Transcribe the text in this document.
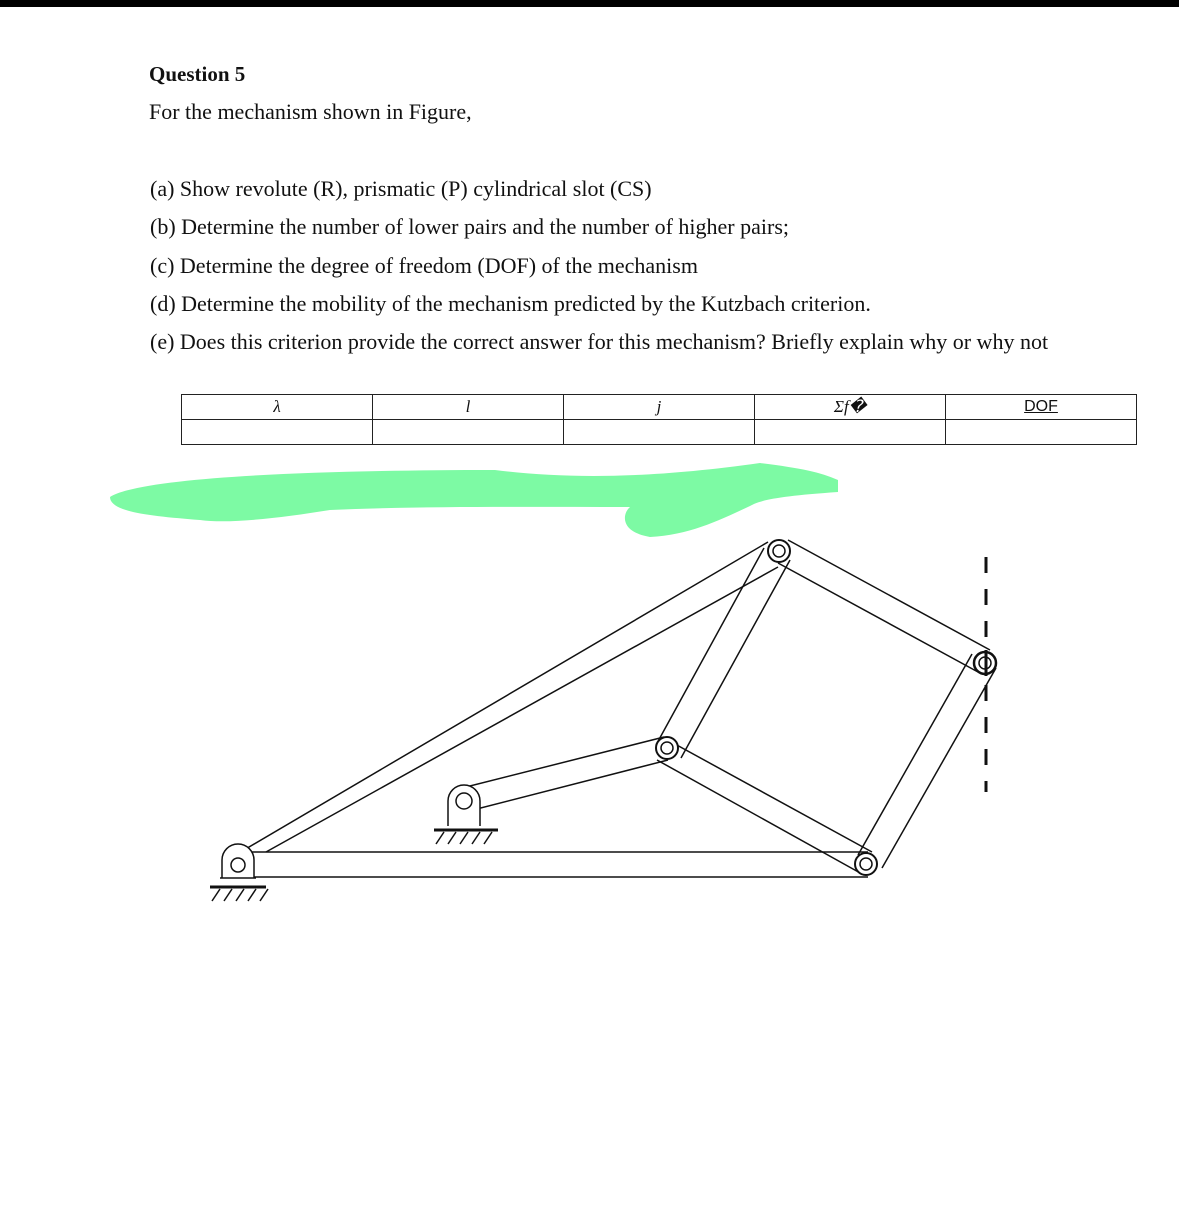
Question 5
For the mechanism shown in Figure,
(a) Show revolute (R), prismatic (P) cylindrical slot (CS)
(b) Determine the number of lower pairs and the number of higher pairs;
(c) Determine the degree of freedom (DOF) of the mechanism
(d) Determine the mobility of the mechanism predicted by the Kutzbach criterion.
(e) Does this criterion provide the correct answer for this mechanism? Briefly explain why or why not
λ	l	j	Σf�	DOF
